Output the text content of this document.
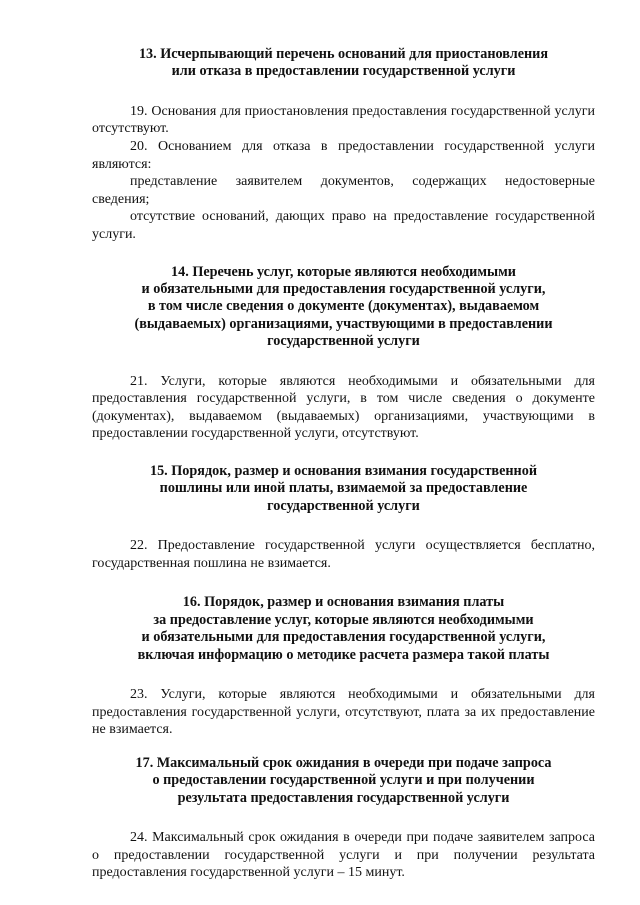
13. Исчерпывающий перечень оснований для приостановления
или отказа в предоставлении государственной услуги

19. Основания для приостановления предоставления государственной услуги отсутствуют.

20. Основанием для отказа в предоставлении государственной услуги являются:

представление заявителем документов, содержащих недостоверные сведения;

отсутствие оснований, дающих право на предоставление государственной услуги.

14. Перечень услуг, которые являются необходимыми
и обязательными для предоставления государственной услуги,
в том числе сведения о документе (документах), выдаваемом
(выдаваемых) организациями, участвующими в предоставлении
государственной услуги

21. Услуги, которые являются необходимыми и обязательными для предоставления государственной услуги, в том числе сведения о документе (документах), выдаваемом (выдаваемых) организациями, участвующими в предоставлении государственной услуги, отсутствуют.

15. Порядок, размер и основания взимания государственной
пошлины или иной платы, взимаемой за предоставление
государственной услуги

22. Предоставление государственной услуги осуществляется бесплатно, государственная пошлина не взимается.

16. Порядок, размер и основания взимания платы
за предоставление услуг, которые являются необходимыми
и обязательными для предоставления государственной услуги,
включая информацию о методике расчета размера такой платы

23. Услуги, которые являются необходимыми и обязательными для предоставления государственной услуги, отсутствуют, плата за их предоставление не взимается.

17. Максимальный срок ожидания в очереди при подаче запроса
о предоставлении государственной услуги и при получении
результата предоставления государственной услуги

24. Максимальный срок ожидания в очереди при подаче заявителем запроса о предоставлении государственной услуги и при получении результата предоставления государственной услуги – 15 минут.
